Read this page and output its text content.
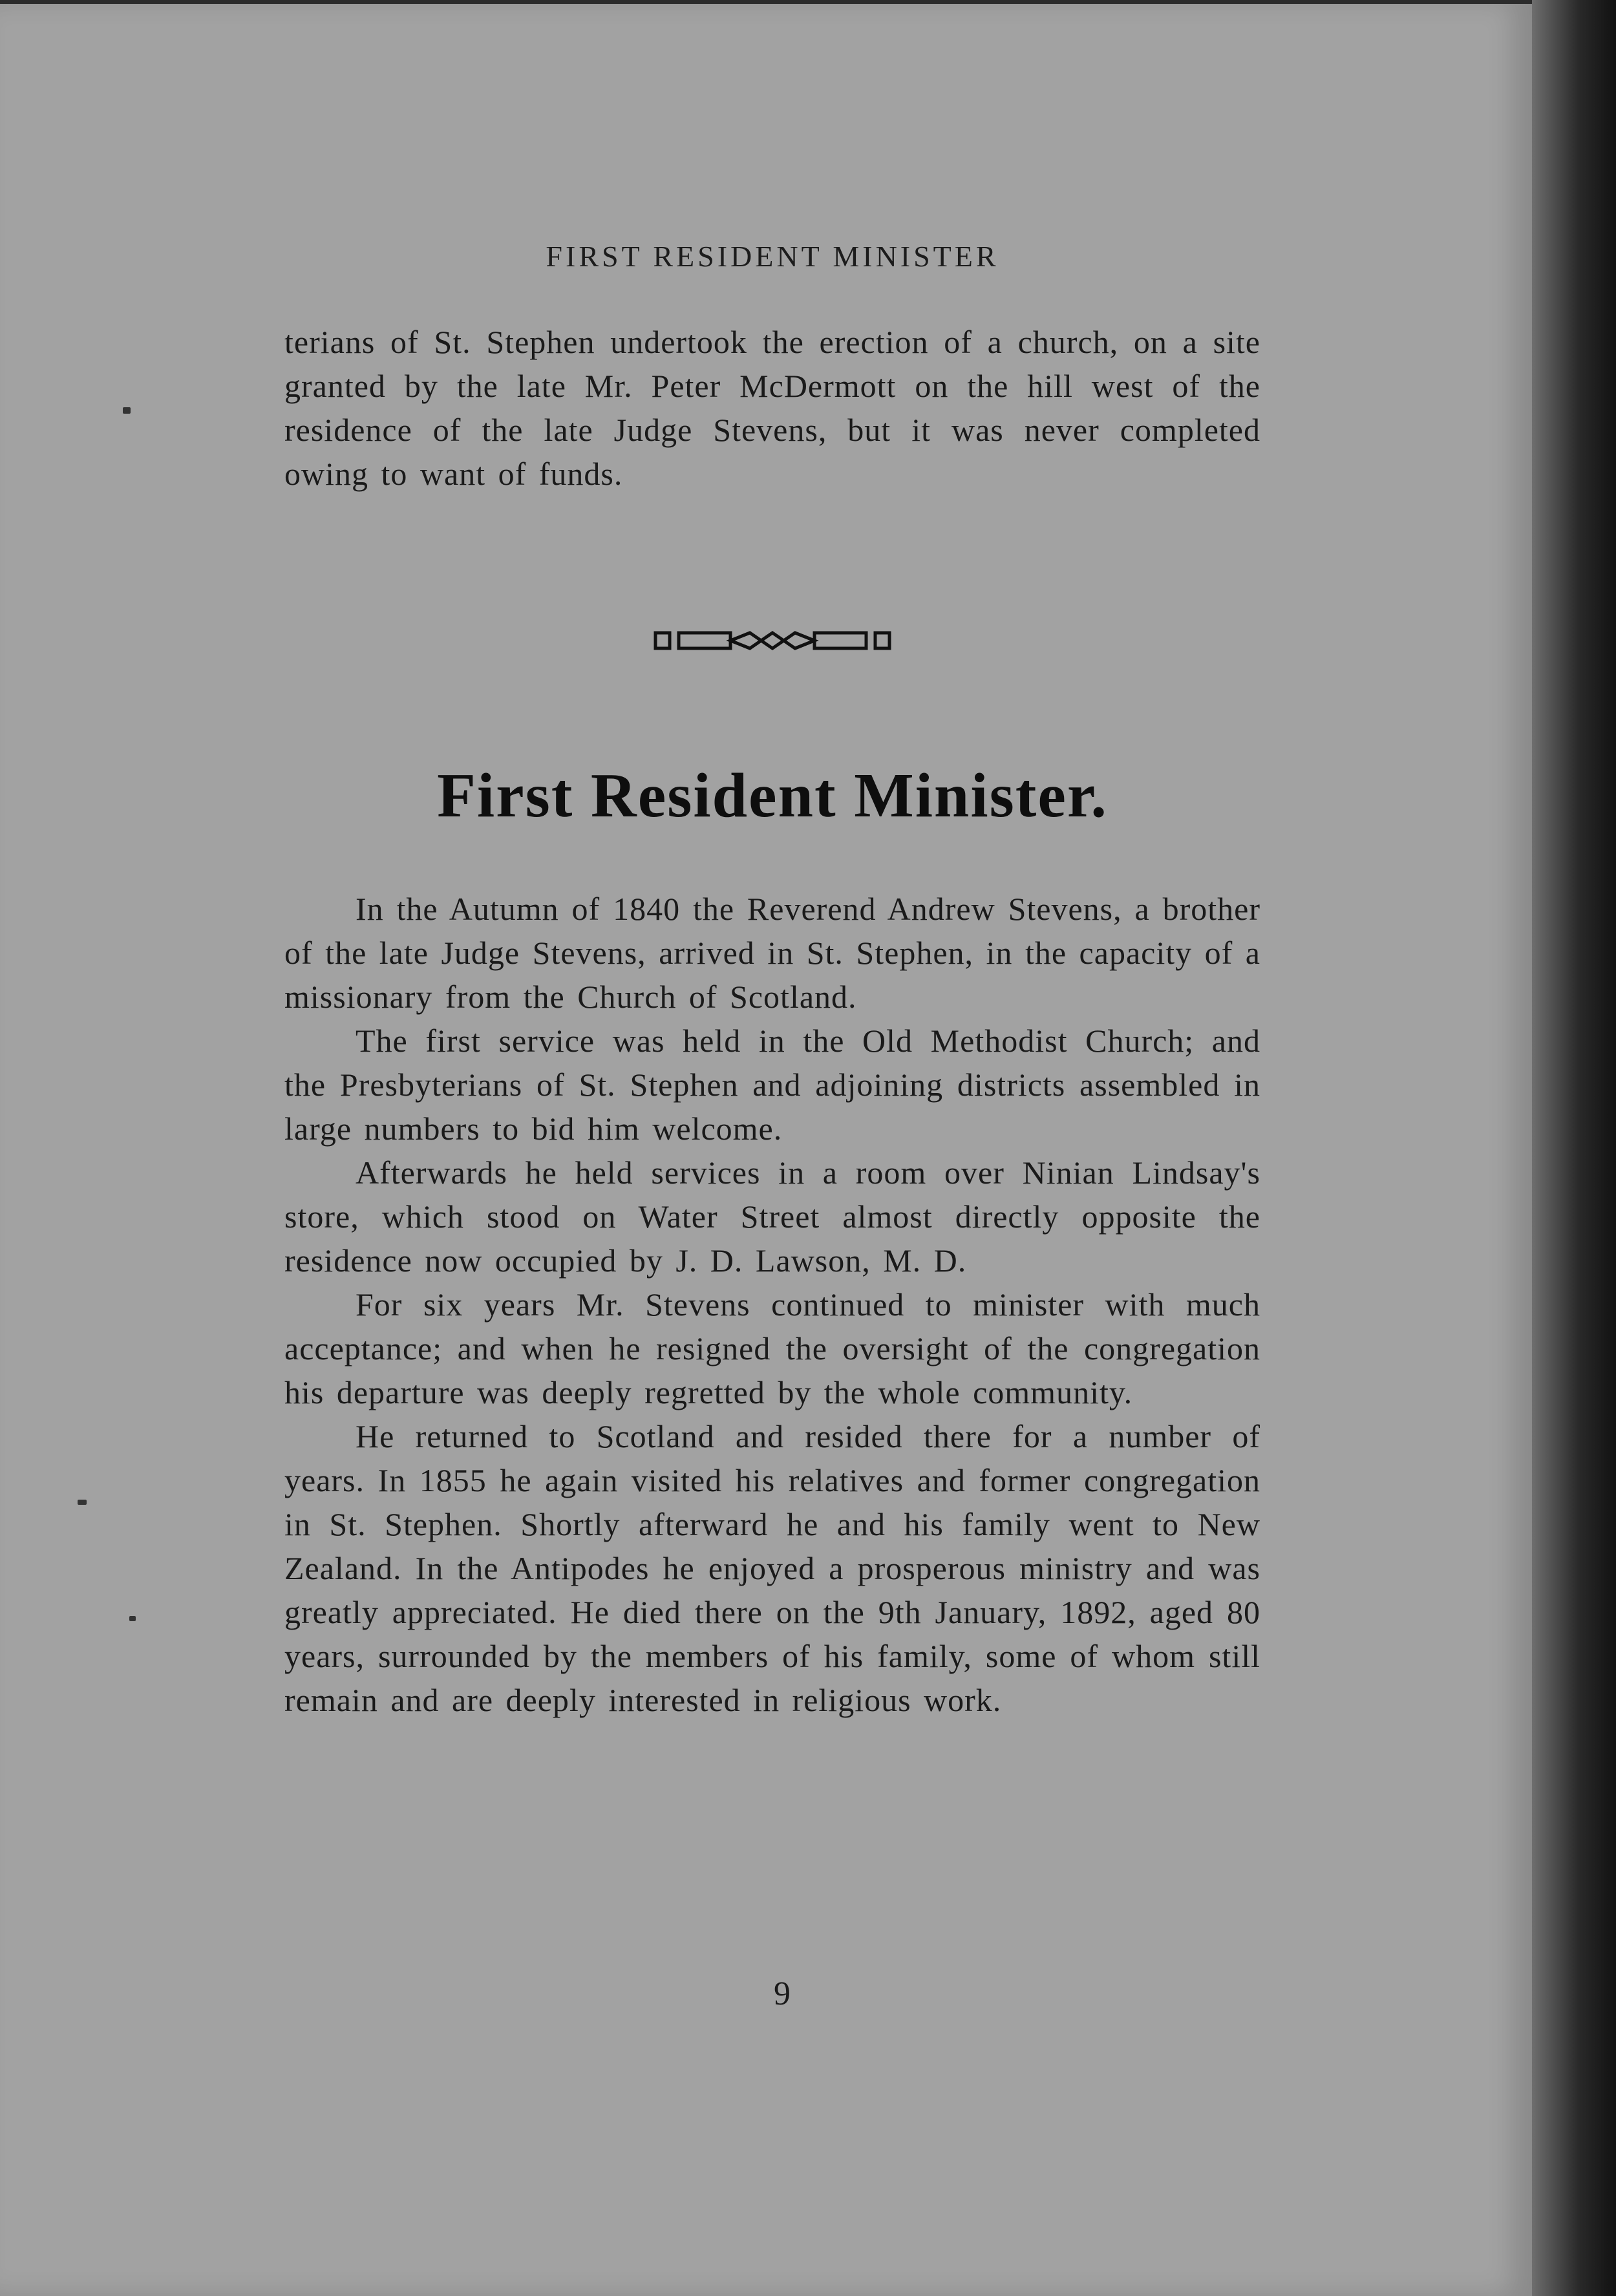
FIRST RESIDENT MINISTER

terians of St. Stephen undertook the erection of a church, on a site granted by the late Mr. Peter McDermott on the hill west of the residence of the late Judge Stevens, but it was never completed owing to want of funds.

First Resident Minister.

In the Autumn of 1840 the Reverend Andrew Stevens, a brother of the late Judge Stevens, arrived in St. Stephen, in the capacity of a missionary from the Church of Scotland.

The first service was held in the Old Methodist Church; and the Presbyterians of St. Stephen and adjoining districts assembled in large numbers to bid him welcome.

Afterwards he held services in a room over Ninian Lindsay's store, which stood on Water Street almost directly opposite the residence now occupied by J. D. Lawson, M. D.

For six years Mr. Stevens continued to minister with much acceptance; and when he resigned the oversight of the congregation his departure was deeply regretted by the whole community.

He returned to Scotland and resided there for a number of years. In 1855 he again visited his relatives and former congregation in St. Stephen. Shortly afterward he and his family went to New Zealand. In the Antipodes he enjoyed a prosperous ministry and was greatly appreciated. He died there on the 9th January, 1892, aged 80 years, surrounded by the members of his family, some of whom still remain and are deeply interested in religious work.

9
